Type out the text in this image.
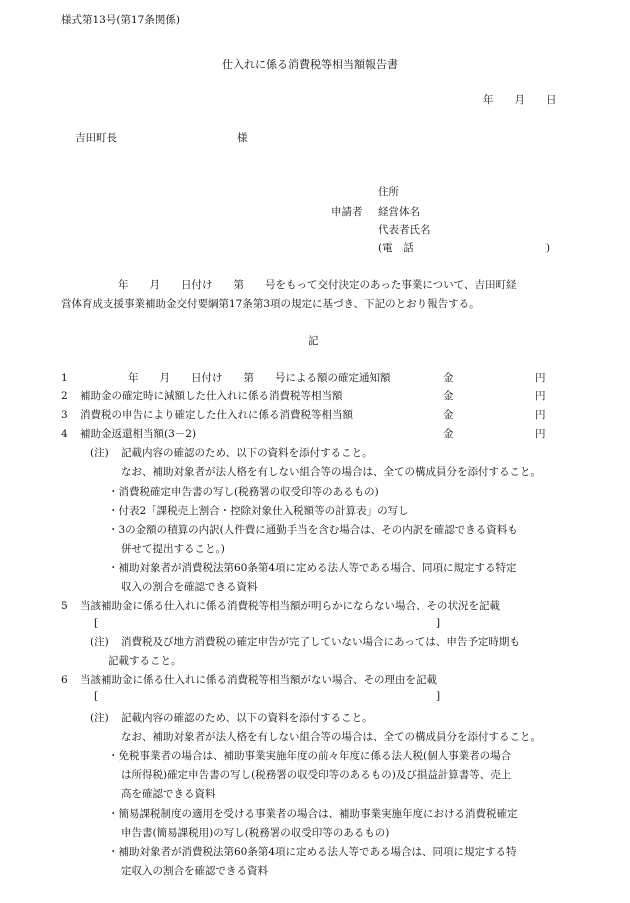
様式第13号(第17条関係)
仕入れに係る消費税等相当額報告書
年　　月　　日
吉田町長	様
住所
申請者 経営体名
代表者氏名
(電　話	)
年　　月　　日付け　　第　　号をもって交付決定のあった事業について、吉田町経
営体育成支援事業補助金交付要綱第17条第3項の規定に基づき、下記のとおり報告する。
記
1	年　　月　　日付け　　第　　号による額の確定通知額	金	円
2 補助金の確定時に減額した仕入れに係る消費税等相当額	金	円
3 消費税の申告により確定した仕入れに係る消費税等相当額	金	円
4 補助金返還相当額(3－2)	金	円
(注) 記載内容の確認のため、以下の資料を添付すること。
なお、補助対象者が法人格を有しない組合等の場合は、全ての構成員分を添付すること。
・消費税確定申告書の写し(税務署の収受印等のあるもの)
・付表2「課税売上割合・控除対象仕入税額等の計算表」の写し
・3の金額の積算の内訳(人件費に通勤手当を含む場合は、その内訳を確認できる資料も
併せて提出すること。)
・補助対象者が消費税法第60条第4項に定める法人等である場合、同項に規定する特定
収入の割合を確認できる資料
5 当該補助金に係る仕入れに係る消費税等相当額が明らかにならない場合、その状況を記載
[	]
(注) 消費税及び地方消費税の確定申告が完了していない場合にあっては、申告予定時期も
記載すること。
6 当該補助金に係る仕入れに係る消費税等相当額がない場合、その理由を記載
[	]
(注) 記載内容の確認のため、以下の資料を添付すること。
なお、補助対象者が法人格を有しない組合等の場合は、全ての構成員分を添付すること。
・免税事業者の場合は、補助事業実施年度の前々年度に係る法人税(個人事業者の場合
は所得税)確定申告書の写し(税務署の収受印等のあるもの)及び損益計算書等、売上
高を確認できる資料
・簡易課税制度の適用を受ける事業者の場合は、補助事業実施年度における消費税確定
申告書(簡易課税用)の写し(税務署の収受印等のあるもの)
・補助対象者が消費税法第60条第4項に定める法人等である場合は、同項に規定する特
定収入の割合を確認できる資料
